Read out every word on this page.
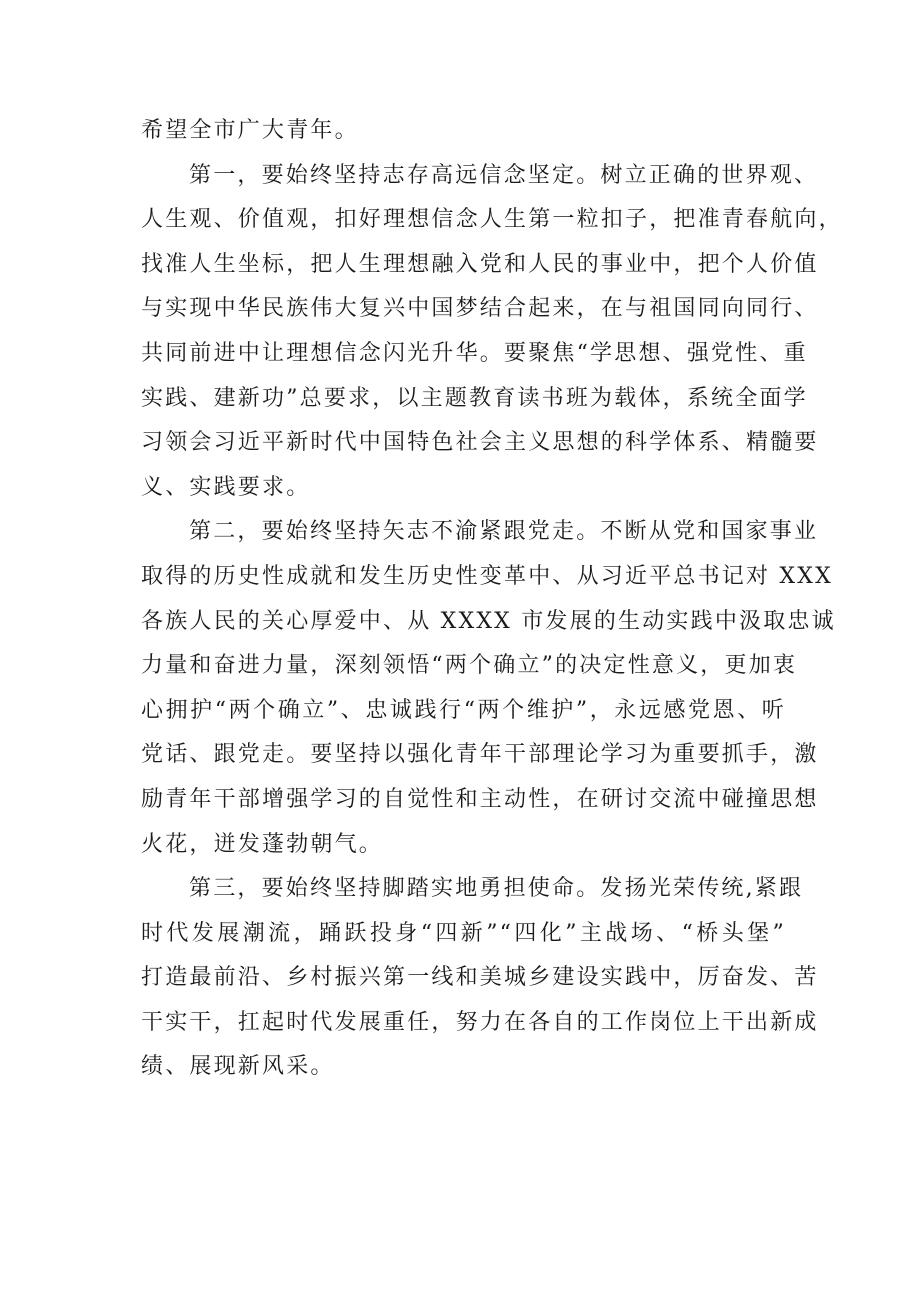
希望全市广大青年。
第一，要始终坚持志存高远信念坚定。树立正确的世界观、
人生观、价值观，扣好理想信念人生第一粒扣子，把准青春航向，
找准人生坐标，把人生理想融入党和人民的事业中，把个人价值
与实现中华民族伟大复兴中国梦结合起来，在与祖国同向同行、
共同前进中让理想信念闪光升华。要聚焦“学思想、强党性、重
实践、建新功”总要求，以主题教育读书班为载体，系统全面学
习领会习近平新时代中国特色社会主义思想的科学体系、精髓要
义、实践要求。
第二，要始终坚持矢志不渝紧跟党走。不断从党和国家事业
取得的历史性成就和发生历史性变革中、从习近平总书记对 XXX
各族人民的关心厚爱中、从 XXXX 市发展的生动实践中汲取忠诚
力量和奋进力量，深刻领悟“两个确立”的决定性意义，更加衷
心拥护“两个确立”、忠诚践行“两个维护”，永远感党恩、听
党话、跟党走。要坚持以强化青年干部理论学习为重要抓手，激
励青年干部增强学习的自觉性和主动性，在研讨交流中碰撞思想
火花，迸发蓬勃朝气。
第三，要始终坚持脚踏实地勇担使命。发扬光荣传统,紧跟
时代发展潮流，踊跃投身“四新”“四化”主战场、“桥头堡”
打造最前沿、乡村振兴第一线和美城乡建设实践中，厉奋发、苦
干实干，扛起时代发展重任，努力在各自的工作岗位上干出新成
绩、展现新风采。
